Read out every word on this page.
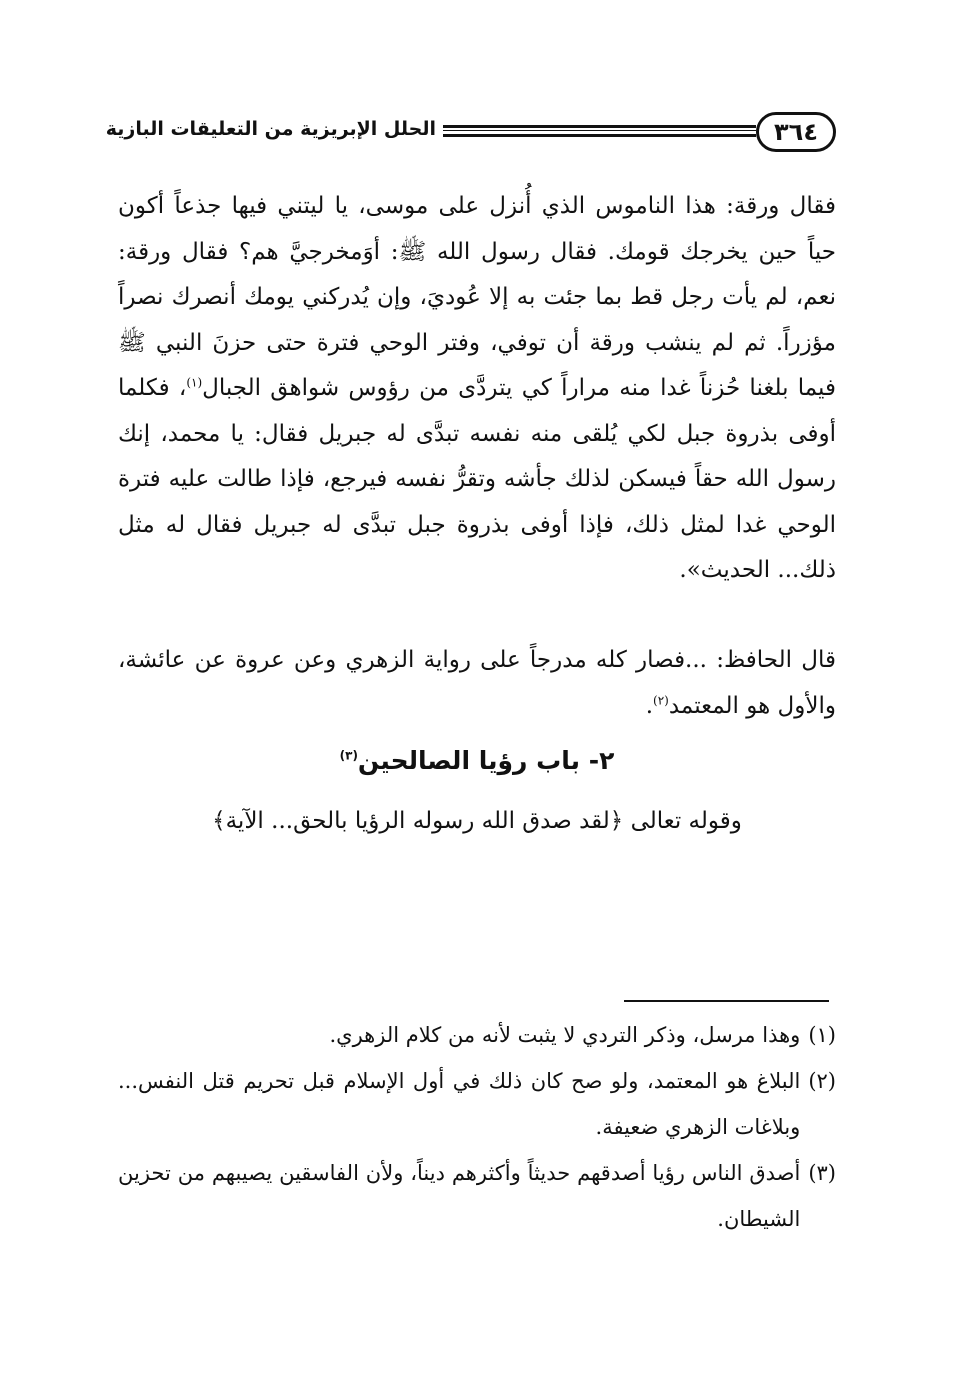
٣٦٤
الحلل الإبريزية من التعليقات البازية

فقال ورقة: هذا الناموس الذي أُنزل على موسى، يا ليتني فيها جذعاً أكون حياً حين يخرجك قومك. فقال رسول الله ﷺ: أوَمخرجيَّ هم؟ فقال ورقة: نعم، لم يأت رجل قط بما جئت به إلا عُوديَ، وإن يُدركني يومك أنصرك نصراً مؤزراً. ثم لم ينشب ورقة أن توفي، وفتر الوحي فترة حتى حزنَ النبي ﷺ فيما بلغنا حُزناً غدا منه مراراً كي يتردَّى من رؤوس شواهق الجبال$^{(١)}$، فكلما أوفى بذروة جبل لكي يُلقى منه نفسه تبدَّى له جبريل فقال: يا محمد، إنك رسول الله حقاً فيسكن لذلك جأشه وتقرُّ نفسه فيرجع، فإذا طالت عليه فترة الوحي غدا لمثل ذلك، فإذا أوفى بذروة جبل تبدَّى له جبريل فقال له مثل ذلك... الحديث».

قال الحافظ: ...فصار كله مدرجاً على رواية الزهري وعن عروة عن عائشة، والأول هو المعتمد$^{(٢)}$.

٢- باب رؤيا الصالحين$^{(٣)}$
وقوله تعالى ﴿لقد صدق الله رسوله الرؤيا بالحق... الآية﴾
(١)
وهذا مرسل، وذكر التردي لا يثبت لأنه من كلام الزهري.
(٢)
البلاغ هو المعتمد، ولو صح كان ذلك في أول الإسلام قبل تحريم قتل النفس... وبلاغات الزهري ضعيفة.
(٣)
أصدق الناس رؤيا أصدقهم حديثاً وأكثرهم ديناً، ولأن الفاسقين يصيبهم من تحزين الشيطان.
